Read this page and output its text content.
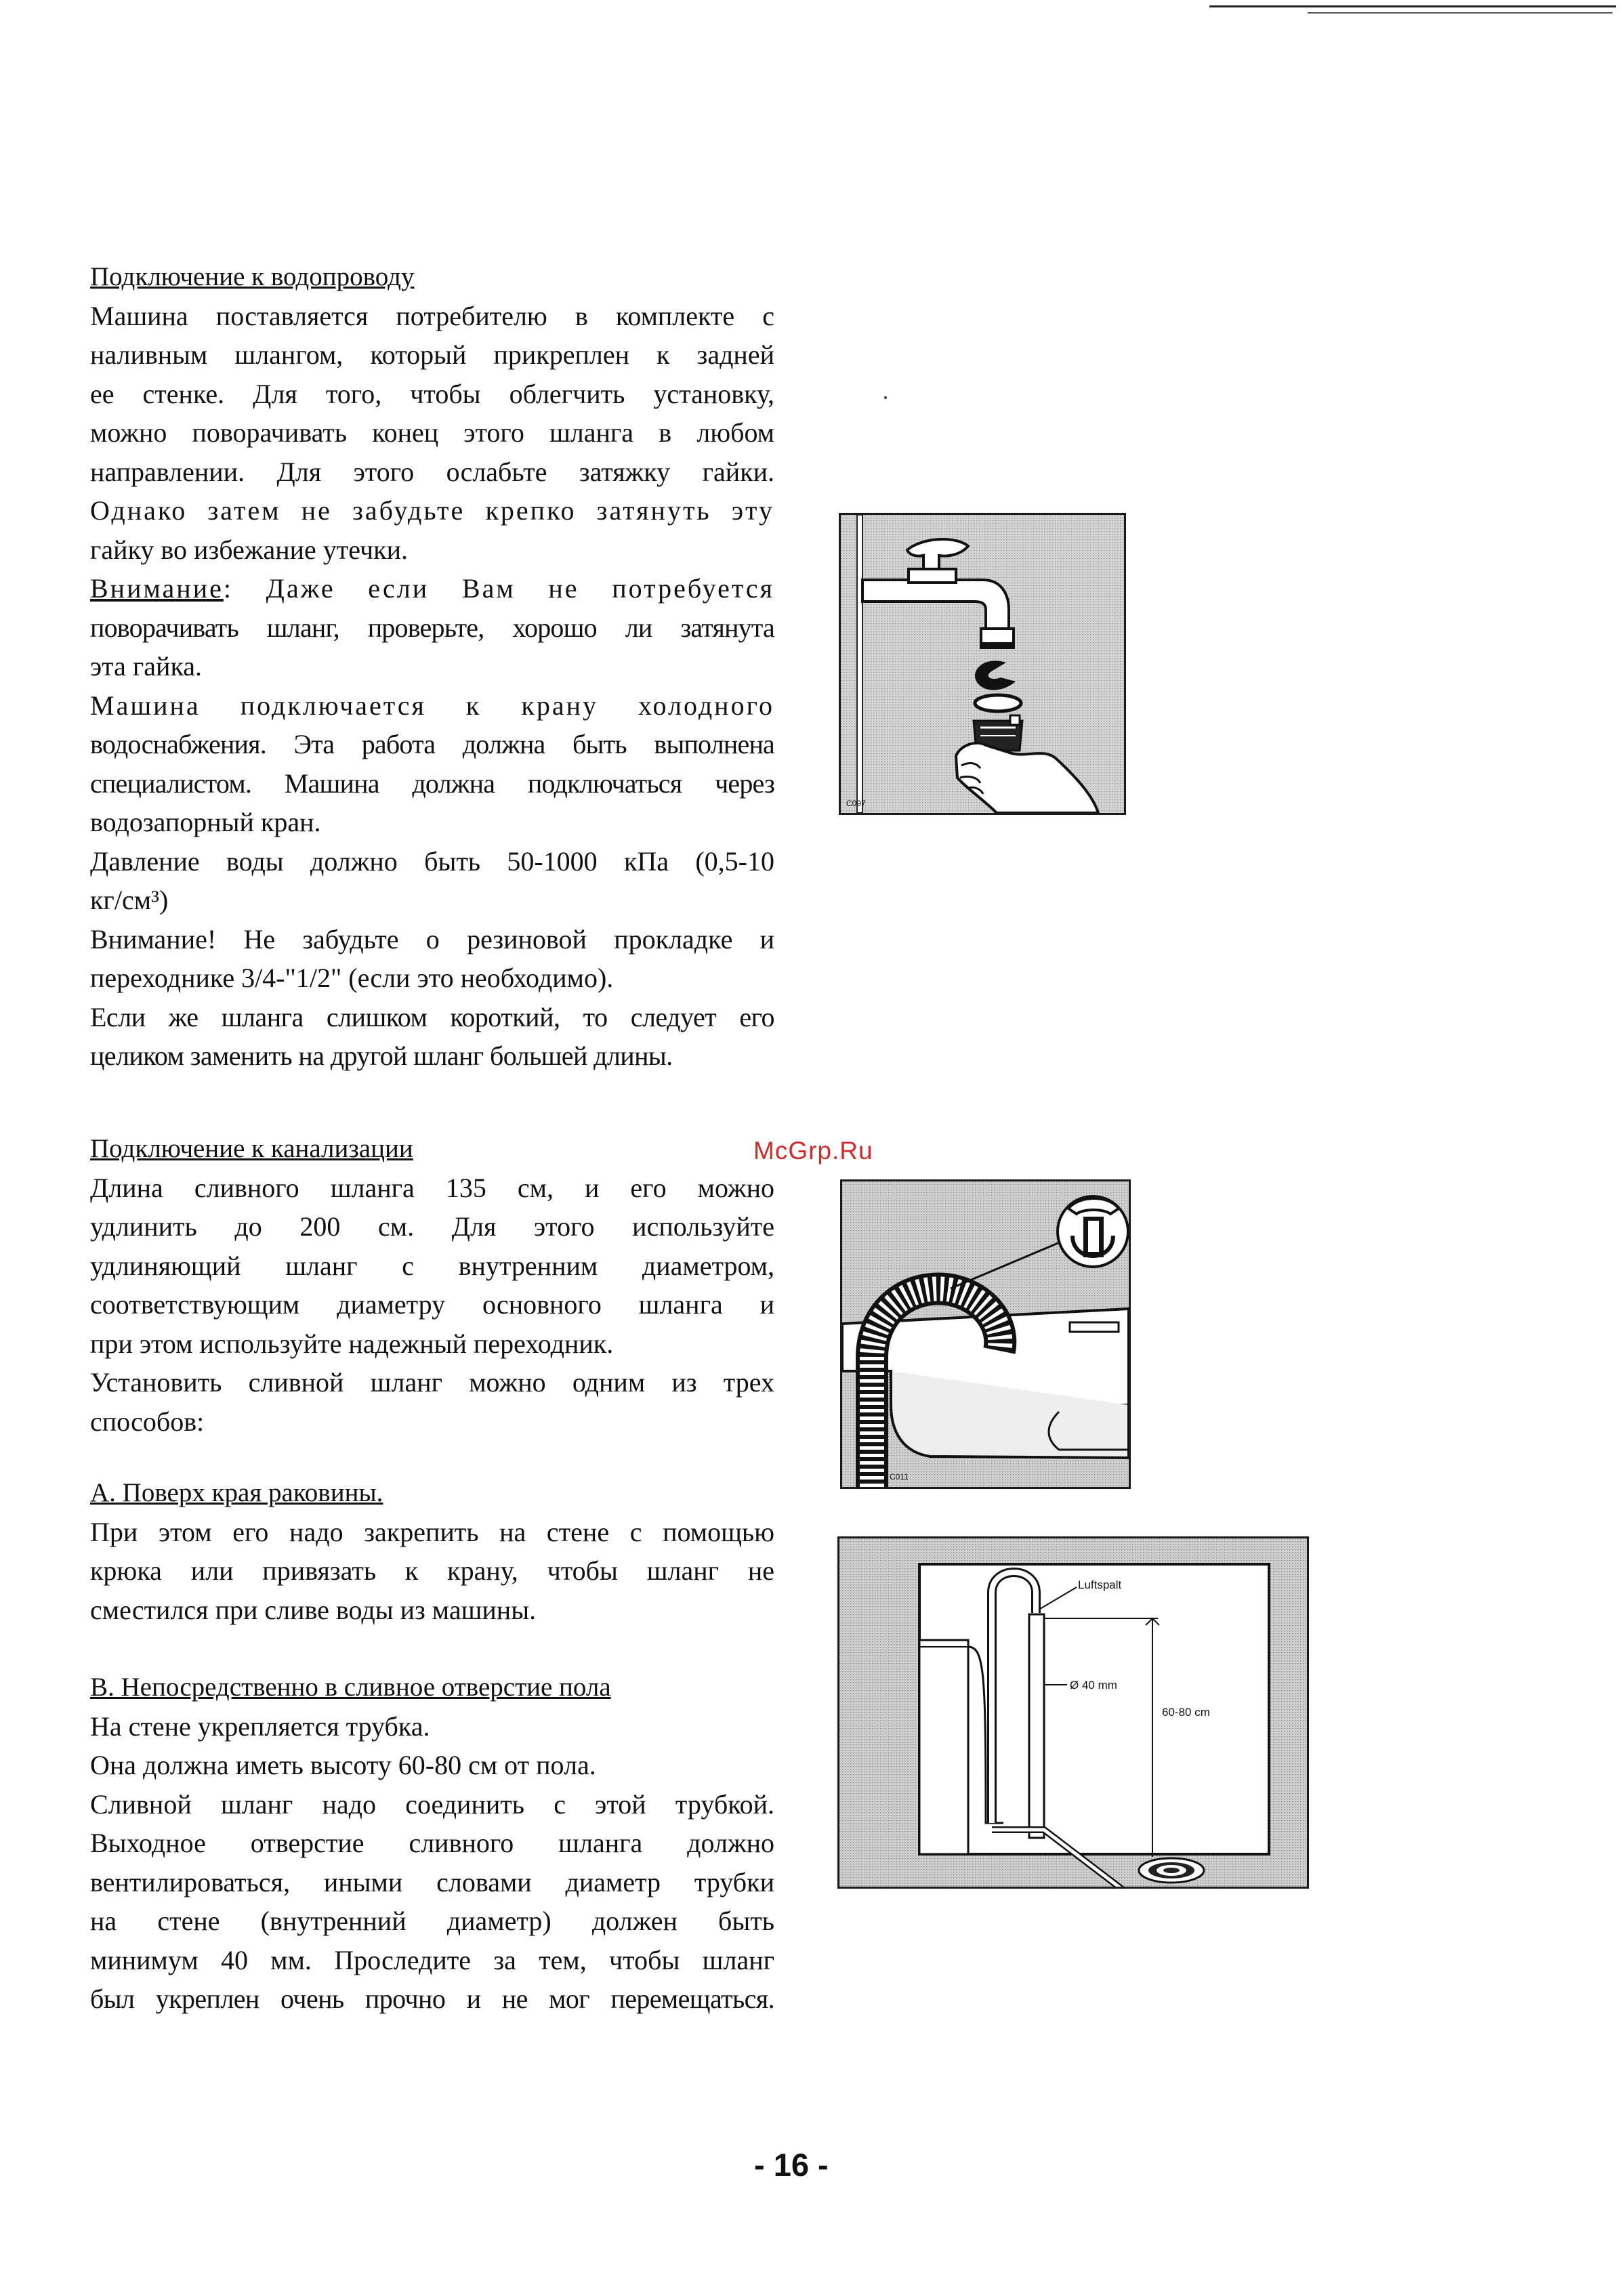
Подключение к водопроводу

Машина поставляется потребителю в комплекте с

наливным шлангом, который прикреплен к задней

ее стенке. Для того, чтобы облегчить установку,

можно поворачивать конец этого шланга в любом

направлении. Для этого ослабьте затяжку гайки.

Однако затем не забудьте крепко затянуть эту

гайку во избежание утечки.

Внимание: Даже если Вам не потребуется

поворачивать шланг, проверьте, хорошо ли затянута

эта гайка.

Машина подключается к крану холодного

водоснабжения. Эта работа должна быть выполнена

специалистом. Машина должна подключаться через

водозапорный кран.

Давление воды должно быть 50-1000 кПа (0,5-10

кг/см³)

Внимание! Не забудьте о резиновой прокладке и

переходнике 3/4-"1/2" (если это необходимо).

Если же шланга слишком короткий, то следует его

целиком заменить на другой шланг большей длины.

Подключение к канализации

Длина сливного шланга 135 см, и его можно

удлинить до 200 см. Для этого используйте

удлиняющий шланг с внутренним диаметром,

соответствующим диаметру основного шланга и

при этом используйте надежный переходник.

Установить сливной шланг можно одним из трех

способов:

A. Поверх края раковины.

При этом его надо закрепить на стене с помощью

крюка или привязать к крану, чтобы шланг не

сместился при сливе воды из машины.

B. Непосредственно в сливное отверстие пола

На стене укрепляется трубка.

Она должна иметь высоту 60-80 см от пола.

Сливной шланг надо соединить с этой трубкой.

Выходное отверстие сливного шланга должно

вентилироваться, иными словами диаметр трубки

на стене (внутренний диаметр) должен быть

минимум 40 мм. Проследите за тем, чтобы шланг

был укреплен очень прочно и не мог перемещаться.

McGrp.Ru
C097
C011
Luftspalt
Ø 40 mm
60-80 cm
- 16 -
